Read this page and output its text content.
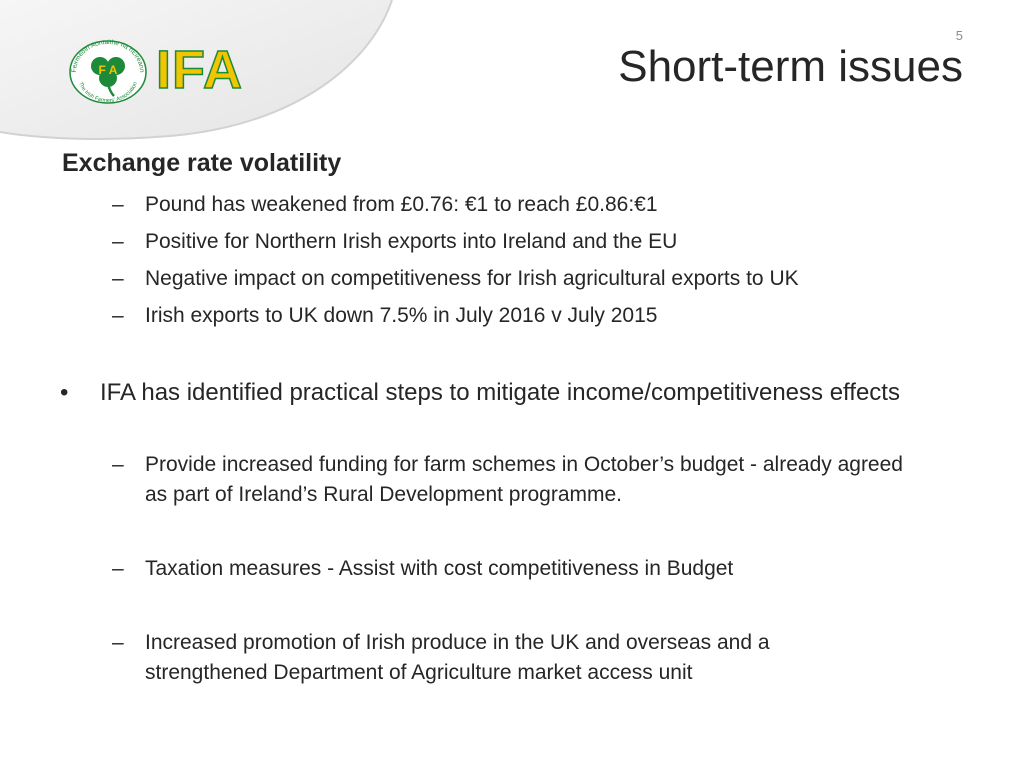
Feirmeoirí Aontaithe na hÉireann
The Irish Farmers' Association
F A IFA
5
Short-term issues
Exchange rate volatility
–	Pound has weakened from £0.76: €1 to reach £0.86:€1
–	Positive for Northern Irish exports into Ireland and the EU
–	Negative impact on competitiveness for Irish agricultural exports to UK
–	Irish exports to UK down 7.5% in July 2016 v July 2015
•	IFA has identified practical steps to mitigate income/competitiveness effects
–	Provide increased funding for farm schemes in October’s budget - already agreed as part of Ireland’s Rural Development programme.
–	Taxation measures - Assist with cost competitiveness in Budget
–	Increased promotion of Irish produce in the UK and overseas and a strengthened Department of Agriculture market access unit
